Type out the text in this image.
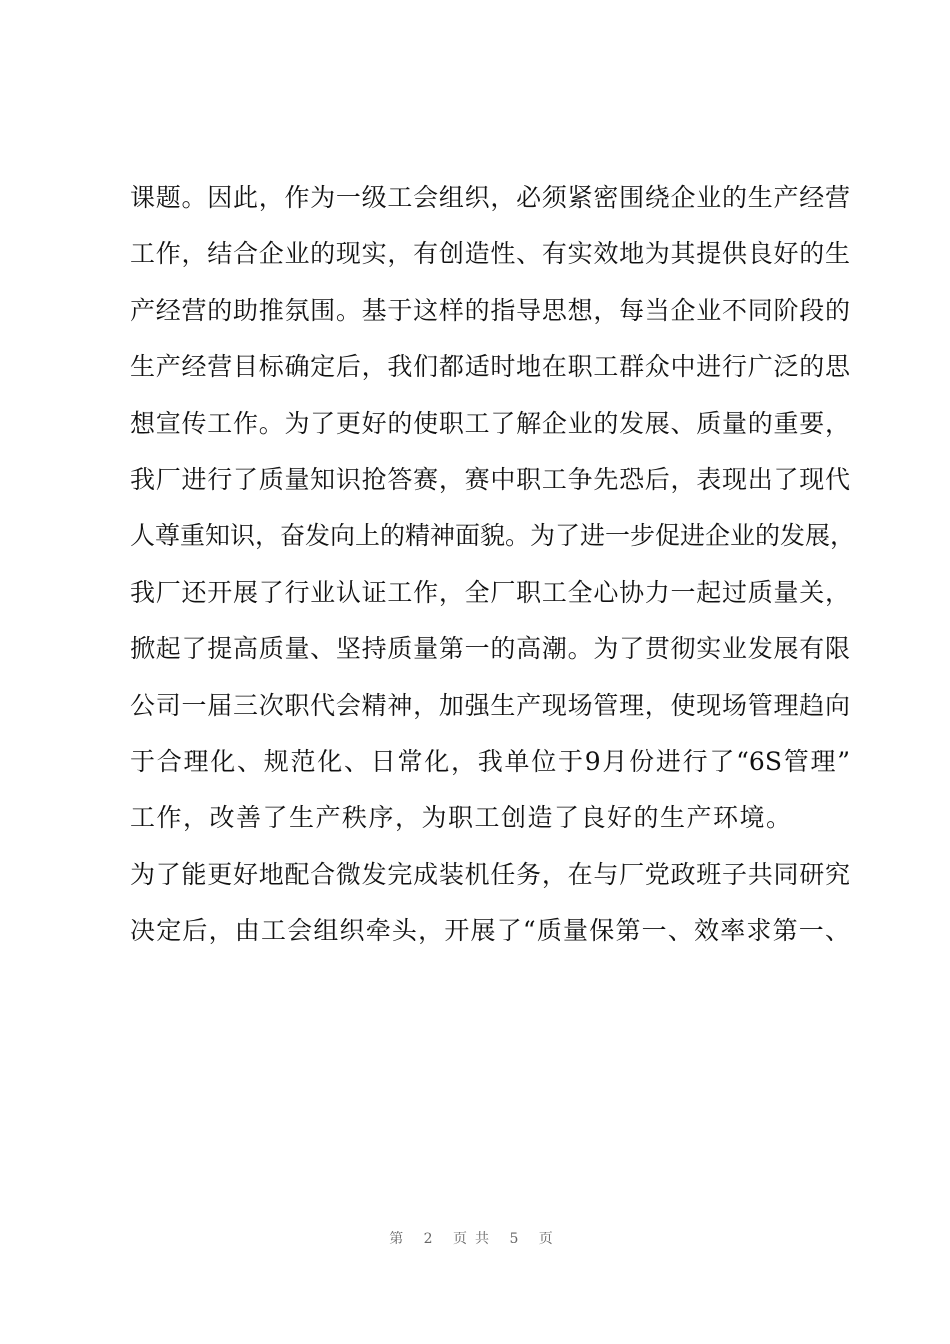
课题。因此，作为一级工会组织，必须紧密围绕企业的生产经营
工作，结合企业的现实，有创造性、有实效地为其提供良好的生
产经营的助推氛围。基于这样的指导思想，每当企业不同阶段的
生产经营目标确定后，我们都适时地在职工群众中进行广泛的思
想宣传工作。为了更好的使职工了解企业的发展、质量的重要，
我厂进行了质量知识抢答赛，赛中职工争先恐后，表现出了现代
人尊重知识，奋发向上的精神面貌。为了进一步促进企业的发展，
我厂还开展了行业认证工作，全厂职工全心协力一起过质量关，
掀起了提高质量、坚持质量第一的高潮。为了贯彻实业发展有限
公司一届三次职代会精神，加强生产现场管理，使现场管理趋向
于合理化、规范化、日常化，我单位于9月份进行了“6S管理”
工作，改善了生产秩序，为职工创造了良好的生产环境。
为了能更好地配合微发完成装机任务，在与厂党政班子共同研究
决定后，由工会组织牵头，开展了“质量保第一、效率求第一、
第 2 页共 5 页
